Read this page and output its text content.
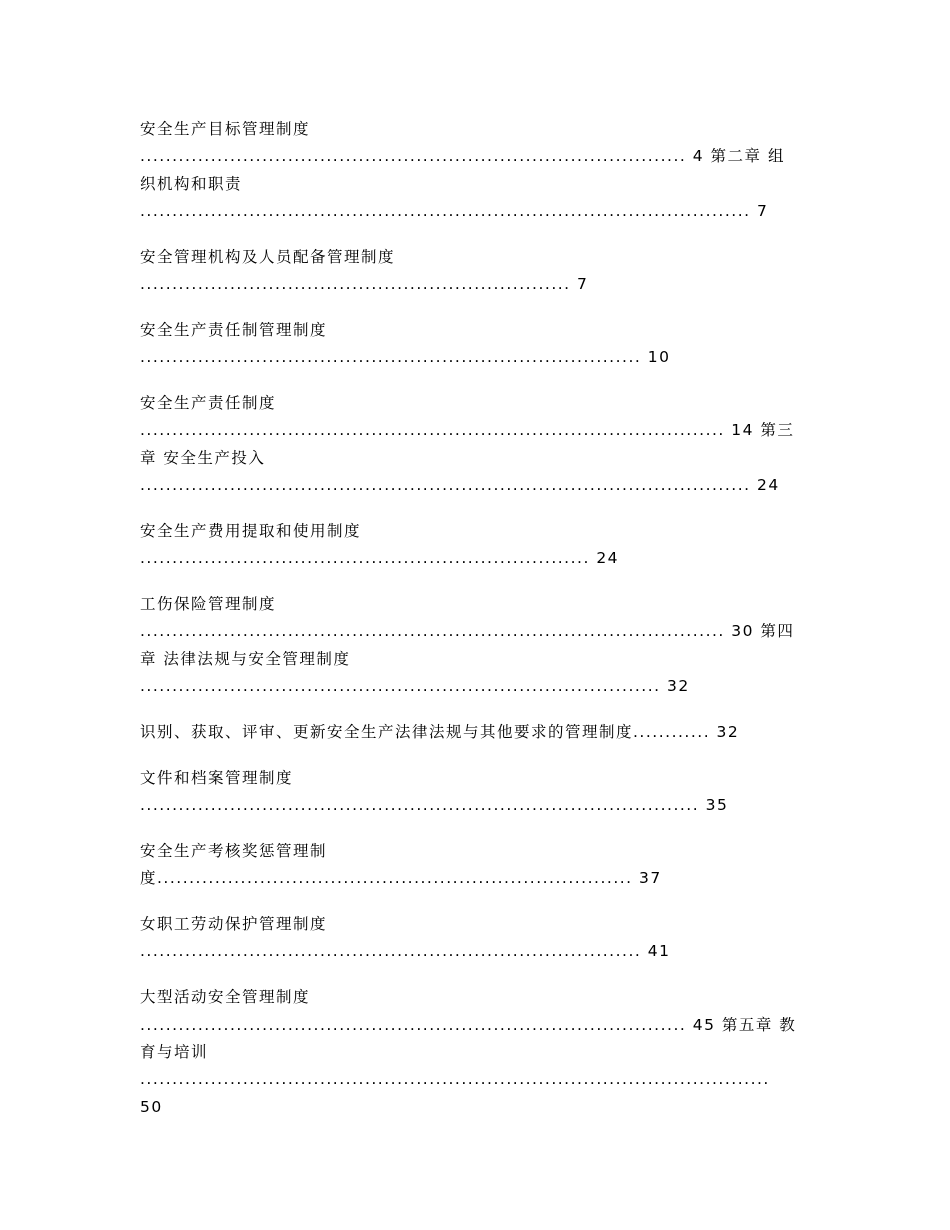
安全生产目标管理制度
..................................................................................... 4 第二章 组
织机构和职责
............................................................................................... 7
安全管理机构及人员配备管理制度
................................................................... 7
安全生产责任制管理制度
.............................................................................. 10
安全生产责任制度
........................................................................................... 14 第三
章 安全生产投入
............................................................................................... 24
安全生产费用提取和使用制度
...................................................................... 24
工伤保险管理制度
........................................................................................... 30 第四
章 法律法规与安全管理制度
................................................................................. 32
识别、获取、评审、更新安全生产法律法规与其他要求的管理制度............ 32
文件和档案管理制度
....................................................................................... 35
安全生产考核奖惩管理制
度.......................................................................... 37
女职工劳动保护管理制度
.............................................................................. 41
大型活动安全管理制度
..................................................................................... 45 第五章 教
育与培训
..................................................................................................
50
